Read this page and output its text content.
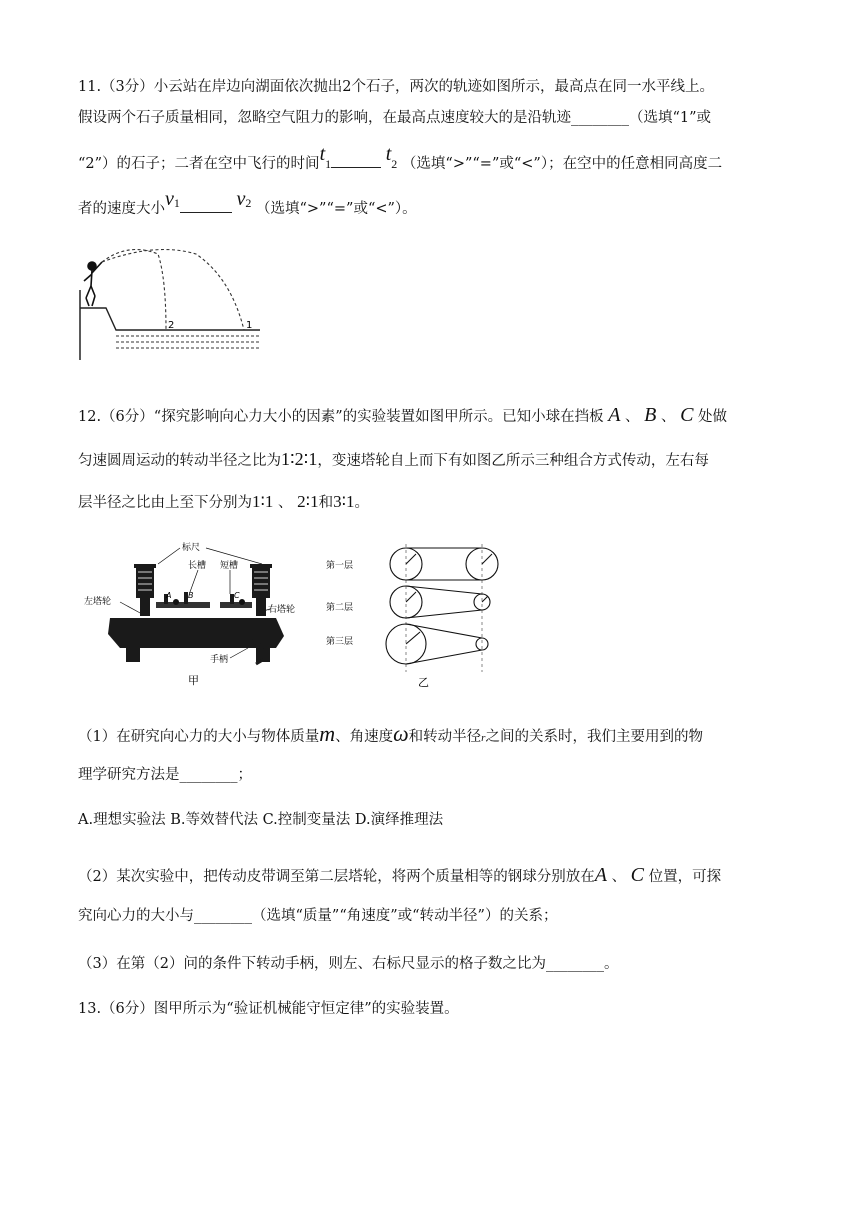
11.（3分）小云站在岸边向湖面依次抛出2个石子，两次的轨迹如图所示，最高点在同一水平线上。
假设两个石子质量相同，忽略空气阻力的影响，在最高点速度较大的是沿轨迹________（选填“1”或
“2”）的石子；二者在空中飞行的时间t1	t2 （选填“>”“=”或“<”）；在空中的任意相同高度二
者的速度大小$v^1$	$v^2$ （选填“>”“=”或“<”）。
2	1
12.（6分）“探究影响向心力大小的因素”的实验装置如图甲所示。已知小球在挡板 A 、 B 、 C 处做
匀速圆周运动的转动半径之比为1∶2∶1，变速塔轮自上而下有如图乙所示三种组合方式传动，左右每
层半径之比由上至下分别为1∶1 、 2∶1和3∶1。
标尺
长槽 短槽
左塔轮
右塔轮
手柄
A B	C
甲
第一层
第二层
第三层
乙
（1）在研究向心力的大小与物体质量m、角速度ω和转动半径r之间的关系时，我们主要用到的物
理学研究方法是________；
A.理想实验法 B.等效替代法 C.控制变量法 D.演绎推理法
（2）某次实验中，把传动皮带调至第二层塔轮，将两个质量相等的钢球分别放在A 、 C 位置，可探
究向心力的大小与________（选填“质量”“角速度”或“转动半径”）的关系；
（3）在第（2）问的条件下转动手柄，则左、右标尺显示的格子数之比为________。
13.（6分）图甲所示为“验证机械能守恒定律”的实验装置。
